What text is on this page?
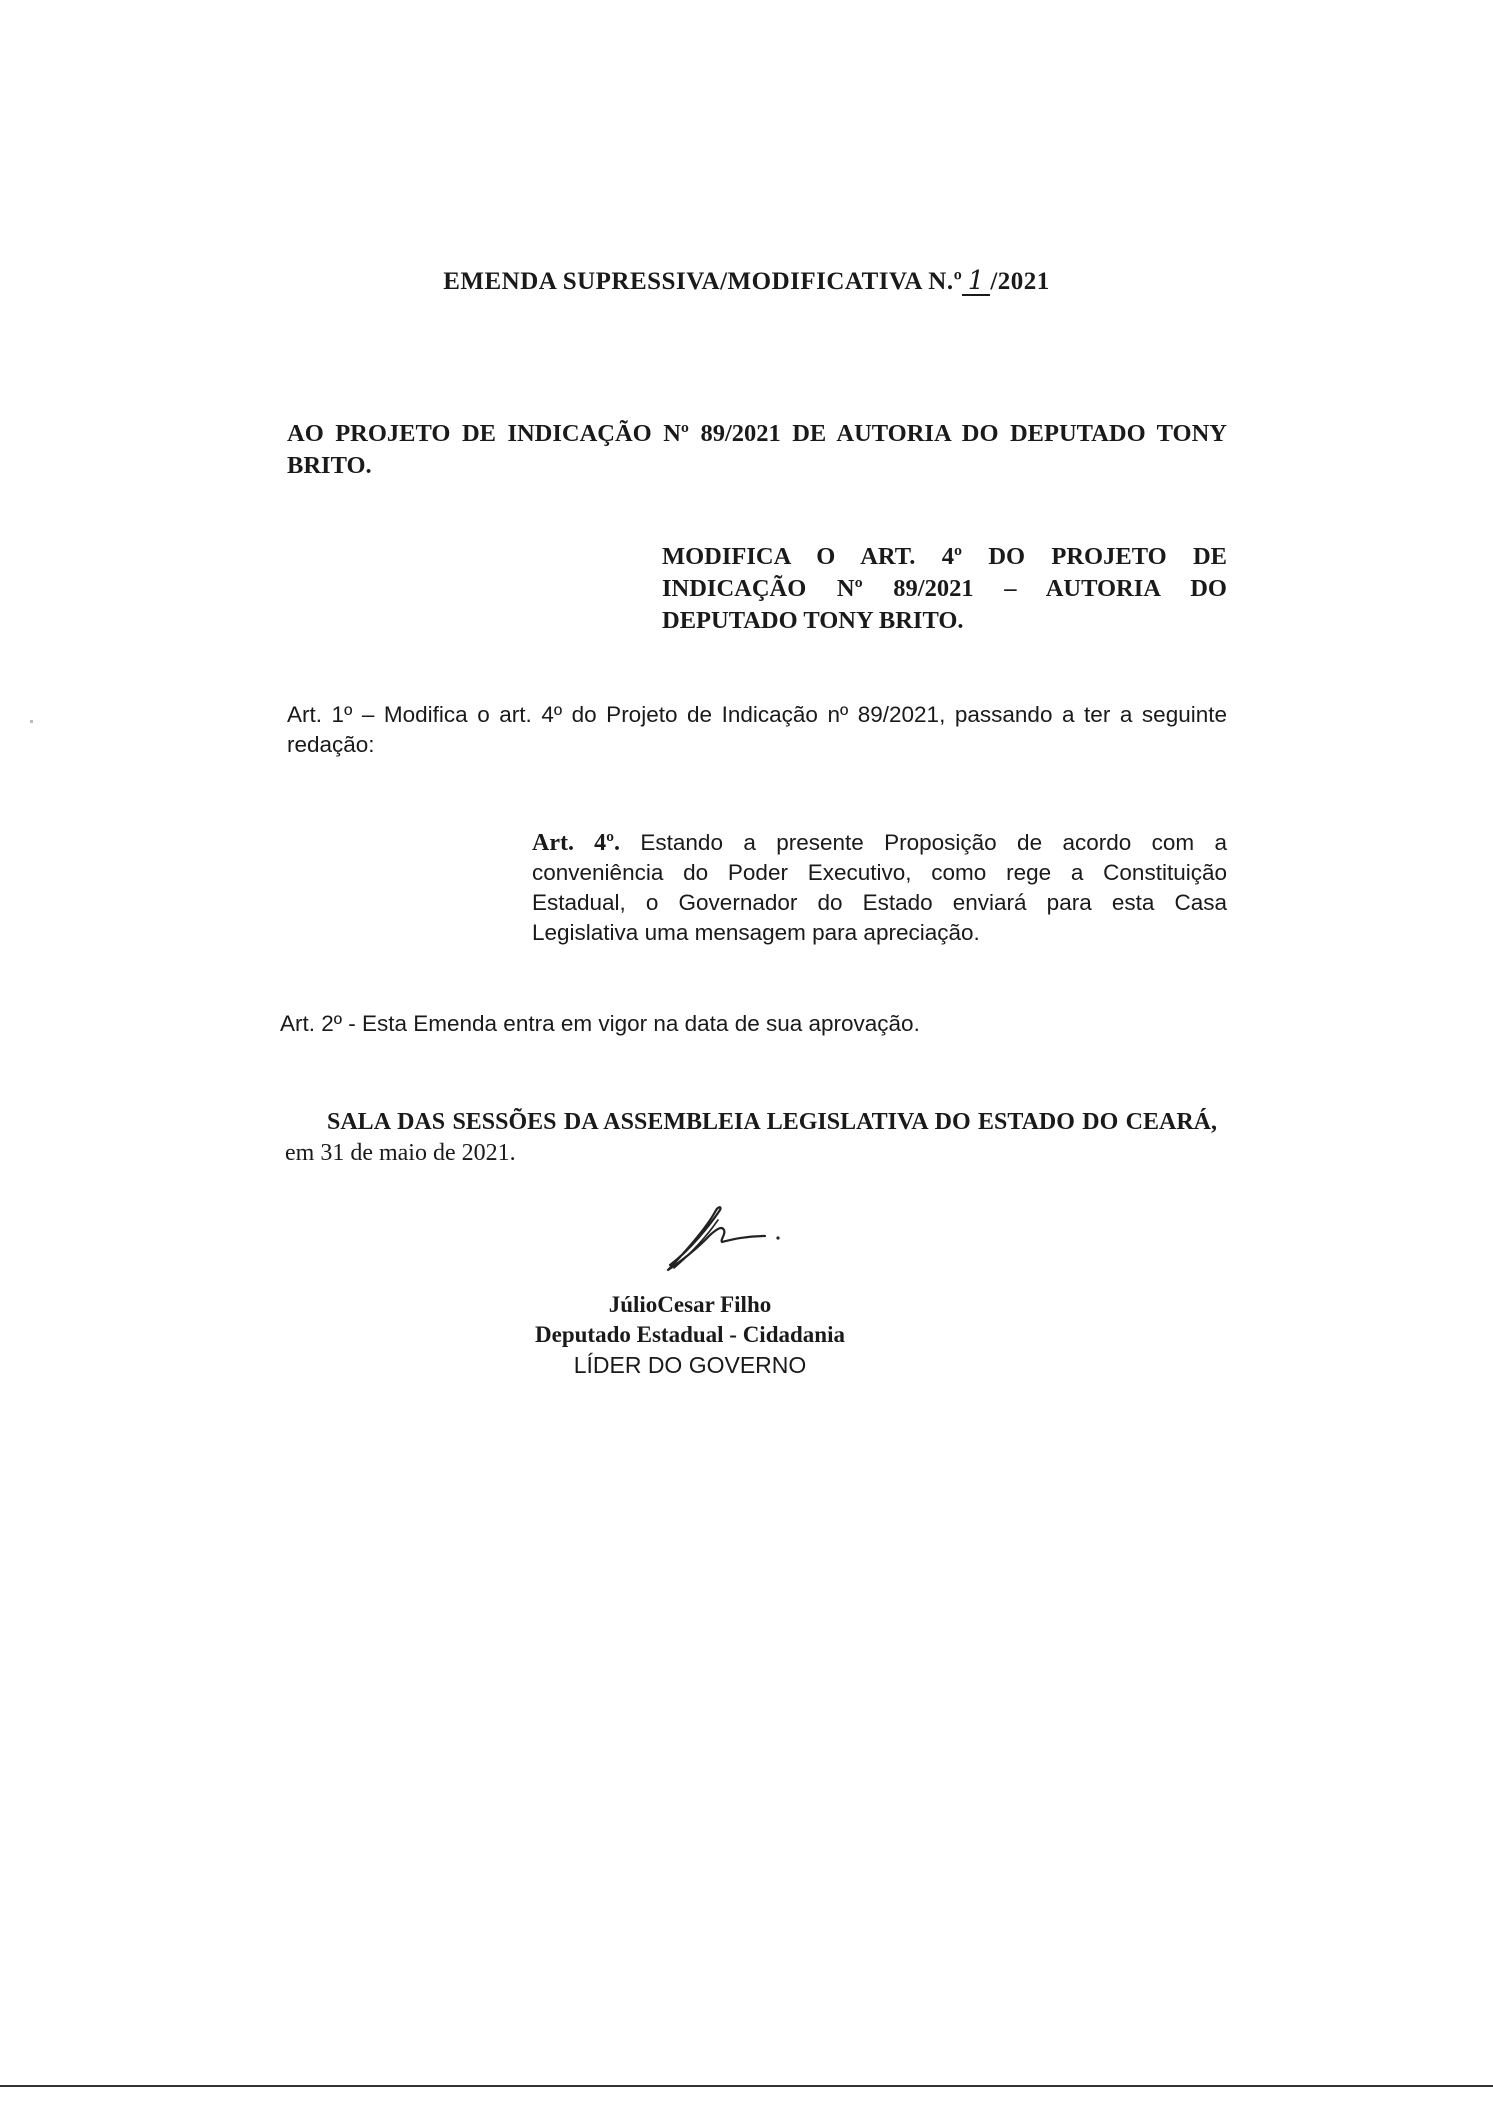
EMENDA SUPRESSIVA/MODIFICATIVA N.º 1 /2021
AO PROJETO DE INDICAÇÃO Nº 89/2021 DE AUTORIA DO DEPUTADO TONY BRITO.
MODIFICA O ART. 4º DO PROJETO DE INDICAÇÃO Nº 89/2021 – AUTORIA DO DEPUTADO TONY BRITO.
Art. 1º – Modifica o art. 4º do Projeto de Indicação nº 89/2021, passando a ter a seguinte redação:
Art. 4º. Estando a presente Proposição de acordo com a conveniência do Poder Executivo, como rege a Constituição Estadual, o Governador do Estado enviará para esta Casa Legislativa uma mensagem para apreciação.
Art. 2º - Esta Emenda entra em vigor na data de sua aprovação.
SALA DAS SESSÕES DA ASSEMBLEIA LEGISLATIVA DO ESTADO DO CEARÁ, em 31 de maio de 2021.
JúlioCesar Filho
Deputado Estadual - Cidadania
LÍDER DO GOVERNO
